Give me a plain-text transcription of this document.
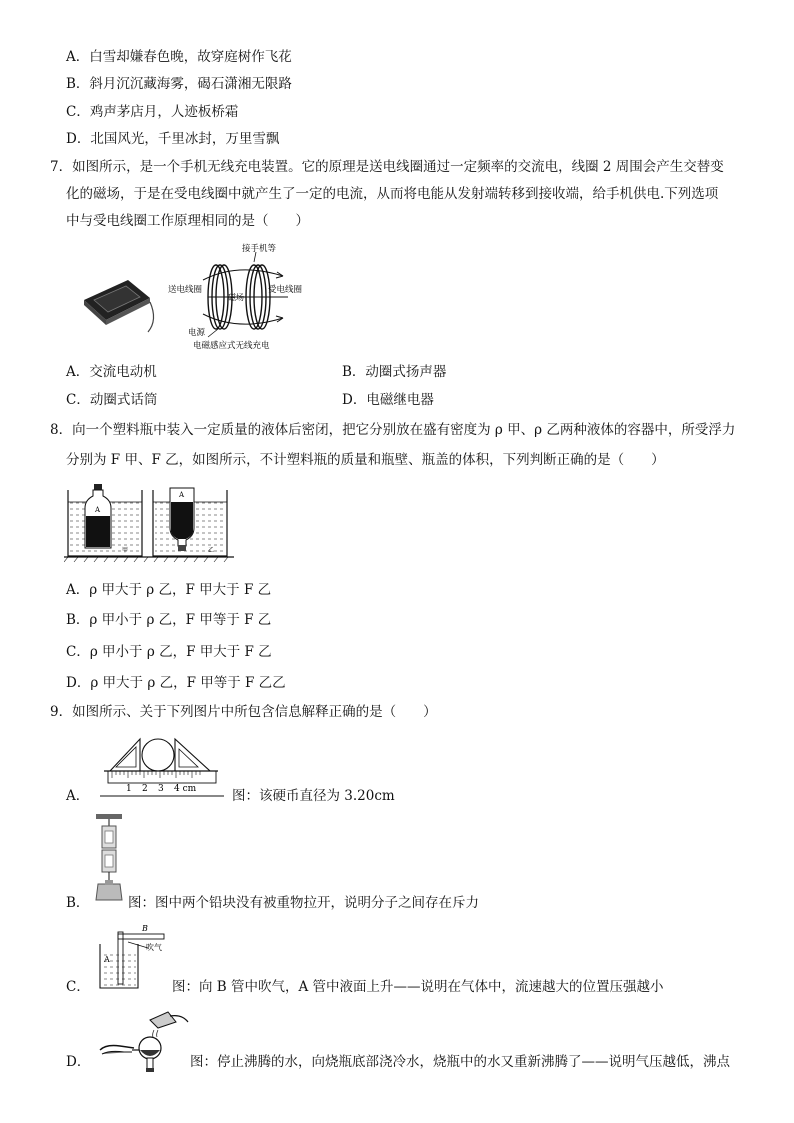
A．白雪却嫌春色晚，故穿庭树作飞花
B．斜月沉沉藏海雾，碣石潇湘无限路
C．鸡声茅店月，人迹板桥霜
D．北国风光，千里冰封，万里雪飘
7．如图所示，是一个手机无线充电装置。它的原理是送电线圈通过一定频率的交流电，线圈 2 周围会产生交替变
化的磁场，于是在受电线圈中就产生了一定的电流，从而将电能从发射端转移到接收端，给手机供电.下列选项
中与受电线圈工作原理相同的是（　　）
接手机等
送电线圈
磁场
受电线圈
电源
电磁感应式无线充电
A．交流电动机	B．动圈式扬声器
C．动圈式话筒	D．电磁继电器
8．向一个塑料瓶中装入一定质量的液体后密闭，把它分别放在盛有密度为 ρ 甲、ρ 乙两种液体的容器中，所受浮力
分别为 F 甲、F 乙，如图所示，不计塑料瓶的质量和瓶壁、瓶盖的体积，下列判断正确的是（　　）
A
甲
A
乙
A．ρ 甲大于 ρ 乙，F 甲大于 F 乙
B．ρ 甲小于 ρ 乙，F 甲等于 F 乙
C．ρ 甲小于 ρ 乙，F 甲大于 F 乙
D．ρ 甲大于 ρ 乙，F 甲等于 F 乙乙
9．如图所示、关于下列图片中所包含信息解释正确的是（　　）
1 2 3 4 cm
A．	图：该硬币直径为 3.20cm
B．	图：图中两个铅块没有被重物拉开，说明分子之间存在斥力
B
A
吹气
C．	图：向 B 管中吹气，A 管中液面上升——说明在气体中，流速越大的位置压强越小
D．	图：停止沸腾的水，向烧瓶底部浇冷水，烧瓶中的水又重新沸腾了——说明气压越低，沸点
